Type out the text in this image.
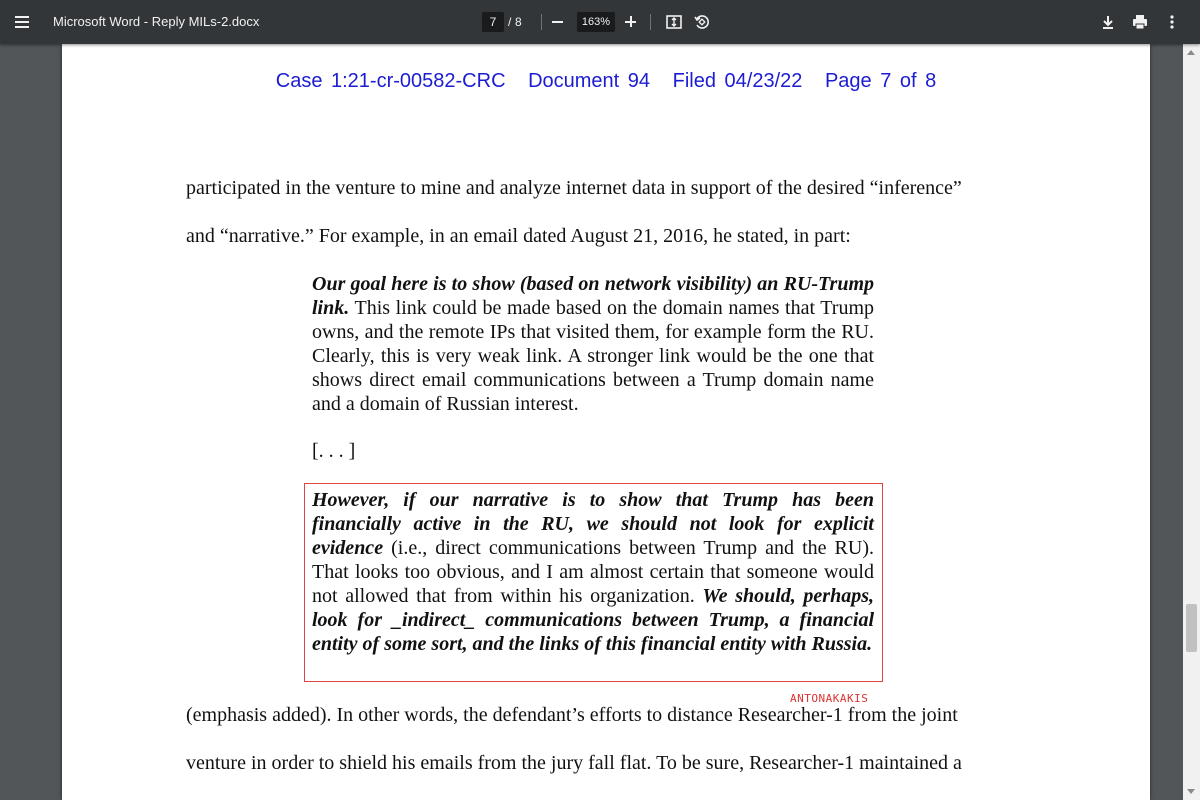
Microsoft Word - Reply MILs-2.docx	7 / 8	163%
Case 1:21-cr-00582-CRC Document 94 Filed 04/23/22 Page 7 of 8
participated in the venture to mine and analyze internet data in support of the desired “inference”
and “narrative.” For example, in an email dated August 21, 2016, he stated, in part:

Our goal here is to show (based on network visibility) an RU-Trump link. This link could be made based on the domain names that Trump owns, and the remote IPs that visited them, for example form the RU. Clearly, this is very weak link. A stronger link would be the one that shows direct email communications between a Trump domain name and a domain of Russian interest.

[. . . ]

However, if our narrative is to show that Trump has been financially active in the RU, we should not look for explicit evidence (i.e., direct communications between Trump and the RU). That looks too obvious, and I am almost certain that someone would not allowed that from within his organization. We should, perhaps, look for _indirect_ communications between Trump, a financial entity of some sort, and the links of this financial entity with Russia.

ANTONAKAKIS
(emphasis added). In other words, the defendant’s efforts to distance Researcher-1 from the joint
venture in order to shield his emails from the jury fall flat. To be sure, Researcher-1 maintained a
